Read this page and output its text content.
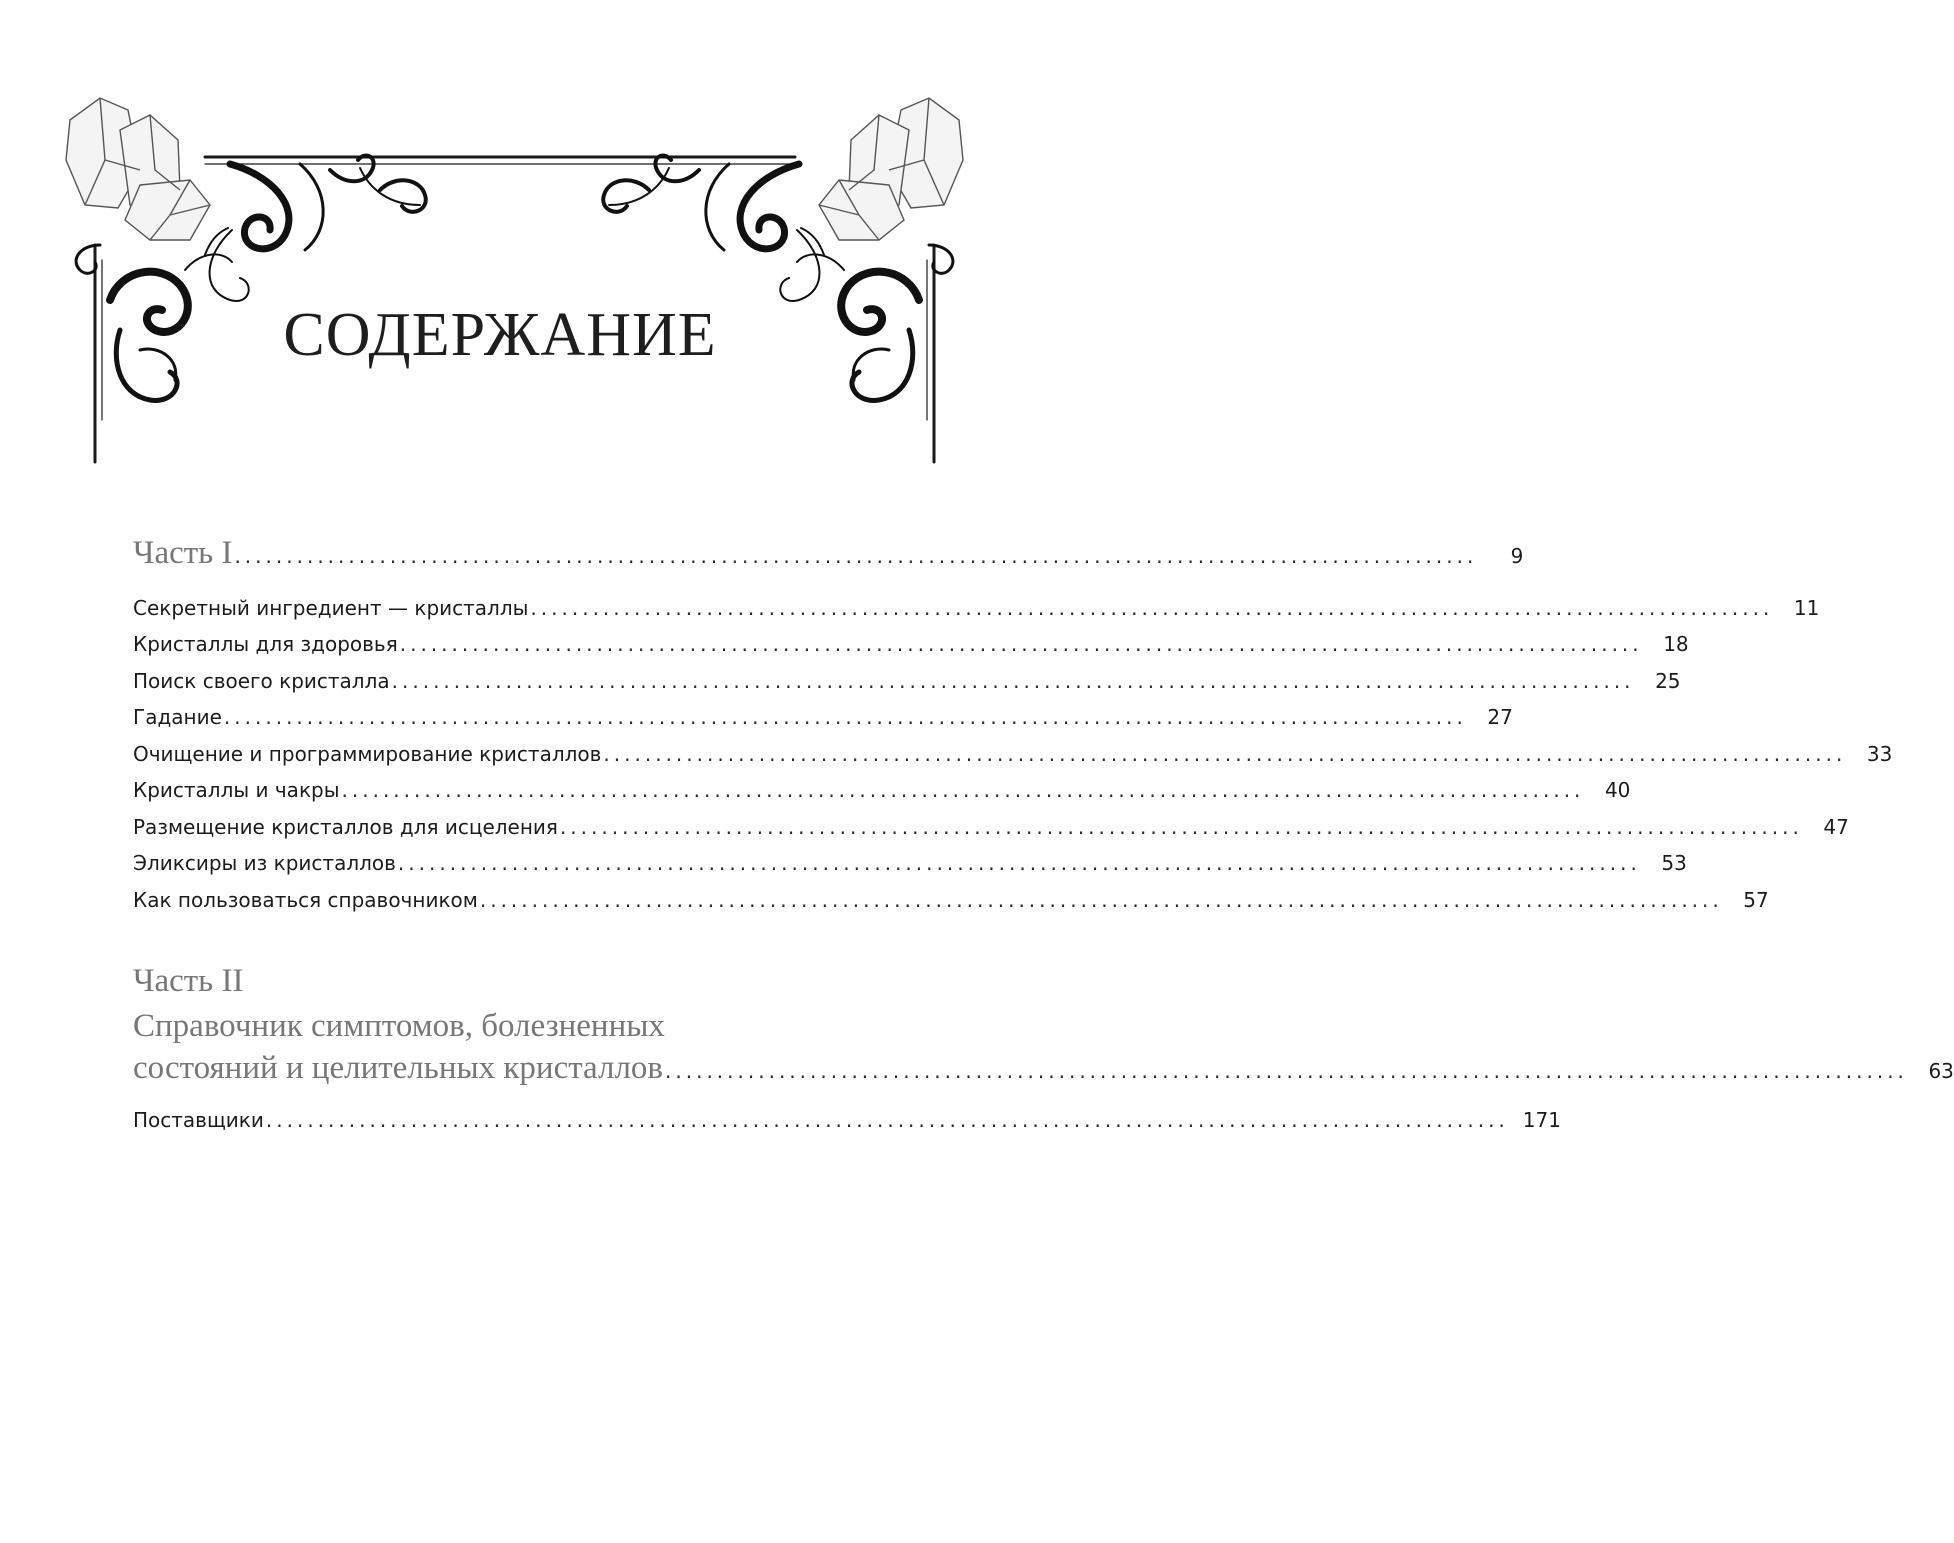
СОДЕРЖАНИЕ
Часть I ........................................................................................................................	9
Секретный ингредиент — кристаллы ........................................................................................................................	11
Кристаллы для здоровья ........................................................................................................................	18
Поиск своего кристалла ........................................................................................................................	25
Гадание ........................................................................................................................	27
Очищение и программирование кристаллов ........................................................................................................................	33
Кристаллы и чакры ........................................................................................................................	40
Размещение кристаллов для исцеления ........................................................................................................................	47
Эликсиры из кристаллов ........................................................................................................................	53
Как пользоваться справочником ........................................................................................................................	57
Часть II
Справочник симптомов, болезненных
состояний и целительных кристаллов ........................................................................................................................	63
Поставщики ........................................................................................................................ 171
